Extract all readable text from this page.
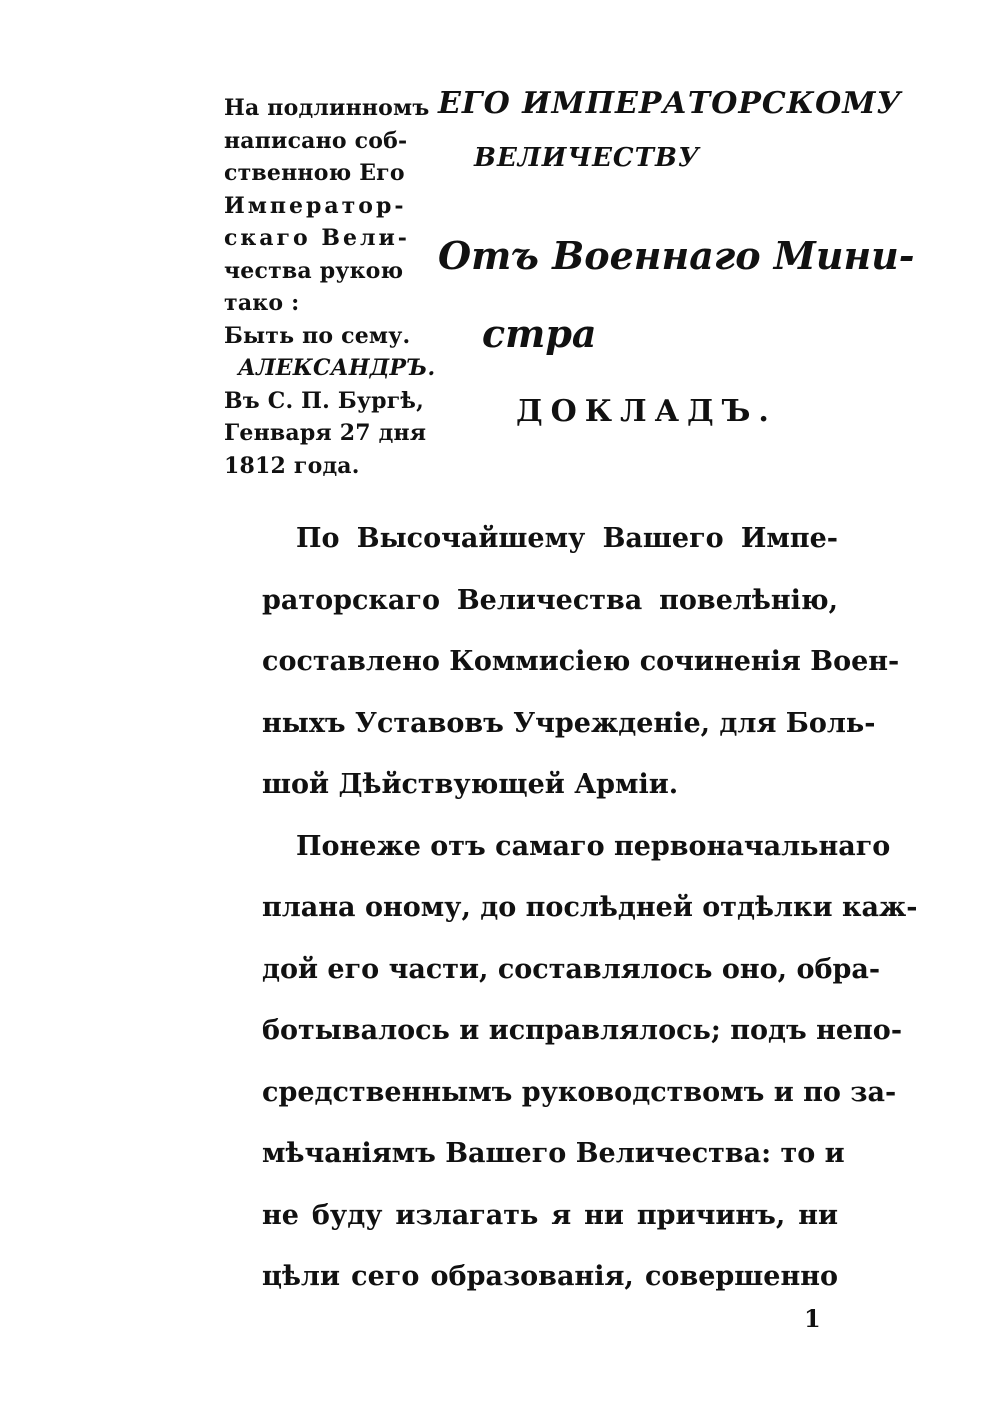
На подлинномъ
написано соб-
ственною Его
Император-
скаго Вели-
чества рукою
тако :
Быть по сему.
АЛЕКСАНДРЪ.
Въ С. П. Бургѣ,
Генваря 27 дня
1812 года.
ЕГО ИМПЕРАТОРСКОМУ
ВЕЛИЧЕСТВУ
Отъ Военнаго Мини-
стра
ДОКЛАДЪ.
По Высочайшему Вашего Импе-
раторскаго Величества повелѣнію,
составлено Коммисіею сочиненія Воен-
ныхъ Уставовъ Учрежденіе, для Боль-
шой Дѣйствующей Арміи.
Понеже отъ самаго первоначальнаго
плана оному, до послѣдней отдѣлки каж-
дой его части, составлялось оно, обра-
ботывалось и исправлялось; подъ непо-
средственнымъ руководствомъ и по за-
мѣчаніямъ Вашего Величества: то и
не буду излагать я ни причинъ, ни
цѣли сего образованія, совершенно
1
